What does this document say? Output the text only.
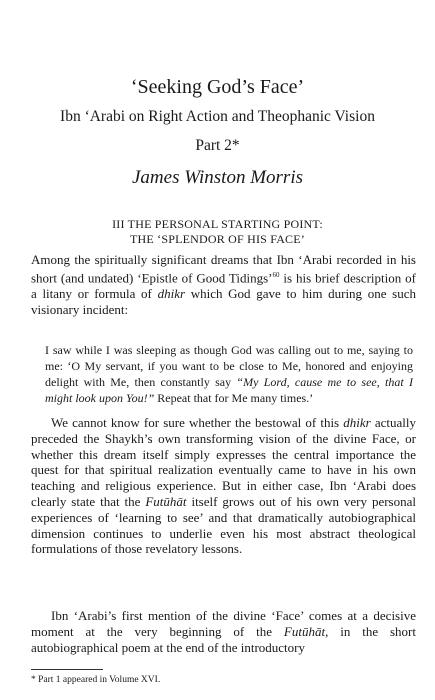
‘Seeking God’s Face’
Ibn ‘Arabi on Right Action and Theophanic Vision
Part 2*
James Winston Morris
III THE PERSONAL STARTING POINT:
THE ‘SPLENDOR OF HIS FACE’

Among the spiritually significant dreams that Ibn ‘Arabi recorded in his short (and undated) ‘Epistle of Good Tidings’$^{60}$ is his brief description of a litany or formula of dhikr which God gave to him during one such visionary incident:

I saw while I was sleeping as though God was calling out to me, saying to me: ‘O My servant, if you want to be close to Me, honored and enjoying delight with Me, then constantly say “My Lord, cause me to see, that I might look upon You!” Repeat that for Me many times.’

We cannot know for sure whether the bestowal of this dhikr actually preceded the Shaykh’s own transforming vision of the divine Face, or whether this dream itself simply expresses the central importance the quest for that spiritual realization eventually came to have in his own teaching and religious experience. But in either case, Ibn ‘Arabi does clearly state that the Futūhāt itself grows out of his own very personal experiences of ‘learning to see’ and that dramatically autobiographical dimension continues to underlie even his most abstract theological formulations of those revelatory lessons.

Ibn ‘Arabi’s first mention of the divine ‘Face’ comes at a decisive moment at the very beginning of the Futūhāt, in the short autobiographical poem at the end of the introductory

* Part 1 appeared in Volume XVI.
